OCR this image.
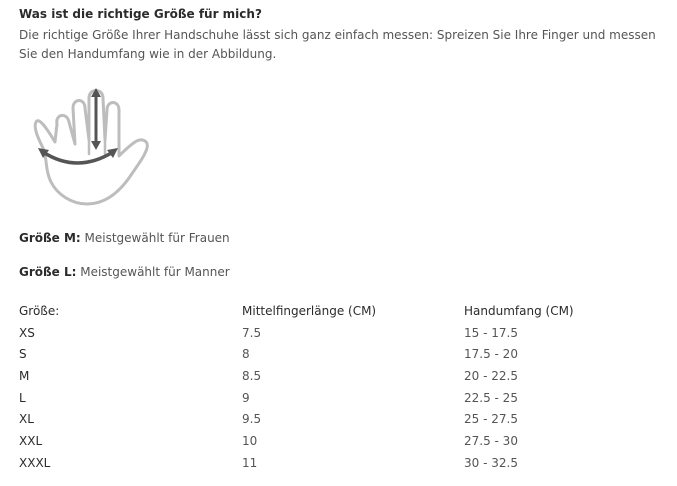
Was ist die richtige Größe für mich?
Die richtige Größe Ihrer Handschuhe lässt sich ganz einfach messen: Spreizen Sie Ihre Finger und messen Sie den Handumfang wie in der Abbildung.
Größe M: Meistgewählt für Frauen
Größe L: Meistgewählt für Manner
Größe:	Mittelfingerlänge (CM)	Handumfang (CM)
XS	7.5	15 - 17.5
S	8	17.5 - 20
M	8.5	20 - 22.5
L	9	22.5 - 25
XL	9.5	25 - 27.5
XXL	10	27.5 - 30
XXXL	11	30 - 32.5
